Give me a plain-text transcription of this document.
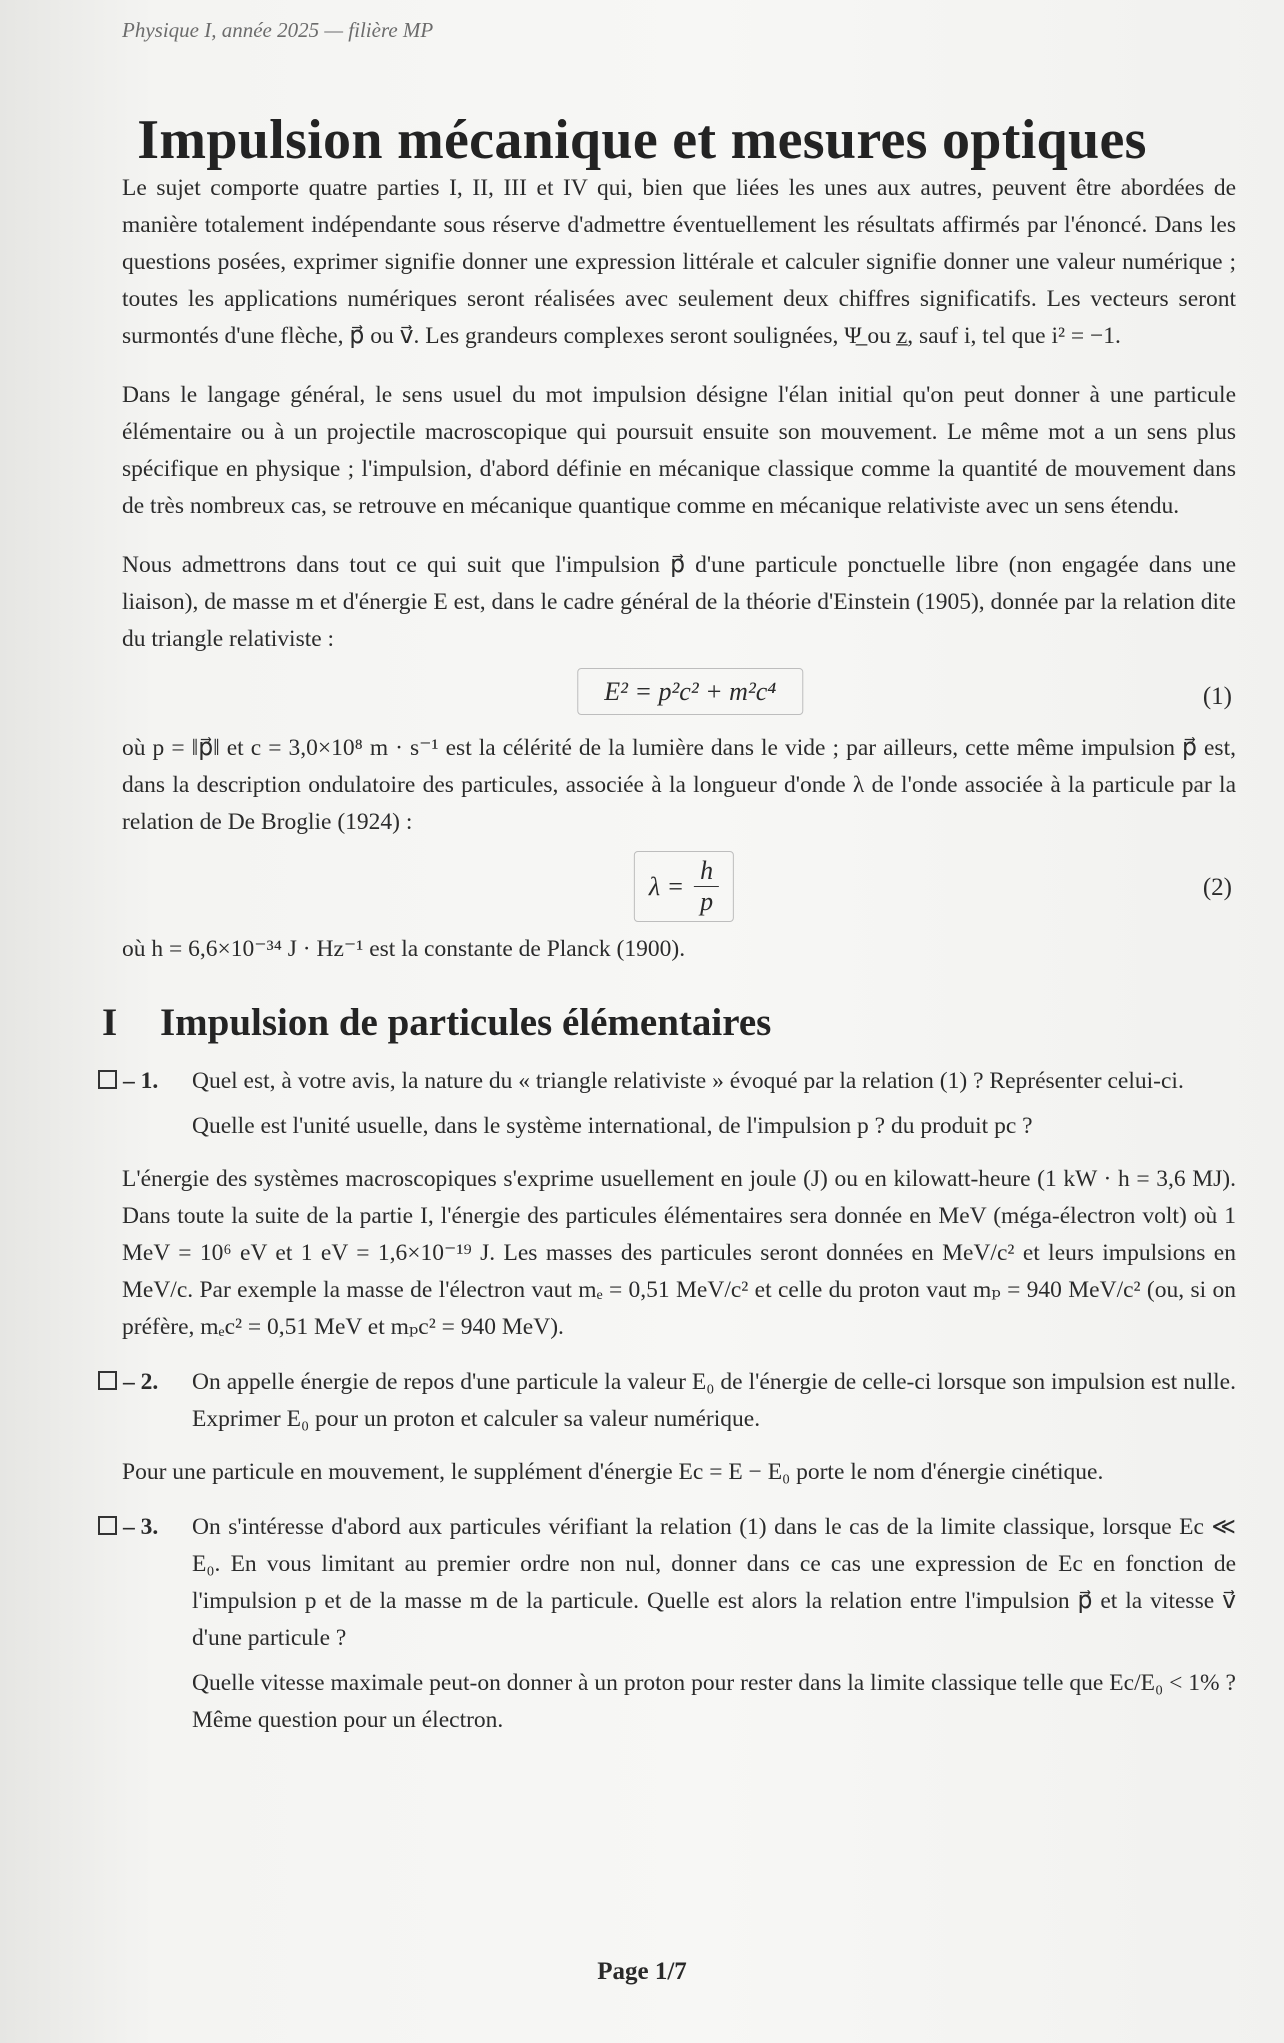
Physique I, année 2025 — filière MP
Impulsion mécanique et mesures optiques

Le sujet comporte quatre parties I, II, III et IV qui, bien que liées les unes aux autres, peuvent être abordées de manière totalement indépendante sous réserve d'admettre éventuellement les résultats affirmés par l'énoncé. Dans les questions posées, exprimer signifie donner une expression littérale et calculer signifie donner une valeur numérique ; toutes les applications numériques seront réalisées avec seulement deux chiffres significatifs. Les vecteurs seront surmontés d'une flèche, p⃗ ou v⃗. Les grandeurs complexes seront soulignées, Ψ̲ ou z̲, sauf i, tel que i² = −1.

Dans le langage général, le sens usuel du mot impulsion désigne l'élan initial qu'on peut donner à une particule élémentaire ou à un projectile macroscopique qui poursuit ensuite son mouvement. Le même mot a un sens plus spécifique en physique ; l'impulsion, d'abord définie en mécanique classique comme la quantité de mouvement dans de très nombreux cas, se retrouve en mécanique quantique comme en mécanique relativiste avec un sens étendu.

Nous admettrons dans tout ce qui suit que l'impulsion p⃗ d'une particule ponctuelle libre (non engagée dans une liaison), de masse m et d'énergie E est, dans le cadre général de la théorie d'Einstein (1905), donnée par la relation dite du triangle relativiste :

E² = p²c² + m²c⁴	(1)

où p = ‖p⃗‖ et c = 3,0×10⁸ m · s⁻¹ est la célérité de la lumière dans le vide ; par ailleurs, cette même impulsion p⃗ est, dans la description ondulatoire des particules, associée à la longueur d'onde λ de l'onde associée à la particule par la relation de De Broglie (1924) :

$\lambda = \frac{h}{p}$	(2)

où h = 6,6×10⁻³⁴ J · Hz⁻¹ est la constante de Planck (1900).

I Impulsion de particules élémentaires
– 1. Quel est, à votre avis, la nature du « triangle relativiste » évoqué par la relation (1) ? Représenter celui-ci.
Quelle est l'unité usuelle, dans le système international, de l'impulsion p ? du produit pc ?

L'énergie des systèmes macroscopiques s'exprime usuellement en joule (J) ou en kilowatt-heure (1 kW · h = 3,6 MJ). Dans toute la suite de la partie I, l'énergie des particules élémentaires sera donnée en MeV (méga-électron volt) où 1 MeV = 10⁶ eV et 1 eV = 1,6×10⁻¹⁹ J. Les masses des particules seront données en MeV/c² et leurs impulsions en MeV/c. Par exemple la masse de l'électron vaut mₑ = 0,51 MeV/c² et celle du proton vaut mₚ = 940 MeV/c² (ou, si on préfère, mₑc² = 0,51 MeV et mₚc² = 940 MeV).

– 2. On appelle énergie de repos d'une particule la valeur E₀ de l'énergie de celle-ci lorsque son impulsion est nulle. Exprimer E₀ pour un proton et calculer sa valeur numérique.

Pour une particule en mouvement, le supplément d'énergie Eс = E − E₀ porte le nom d'énergie cinétique.

– 3. On s'intéresse d'abord aux particules vérifiant la relation (1) dans le cas de la limite classique, lorsque Eс ≪ E₀. En vous limitant au premier ordre non nul, donner dans ce cas une expression de Eс en fonction de l'impulsion p et de la masse m de la particule. Quelle est alors la relation entre l'impulsion p⃗ et la vitesse v⃗ d'une particule ?
Quelle vitesse maximale peut-on donner à un proton pour rester dans la limite classique telle que Eс/E₀ < 1% ? Même question pour un électron.
Page 1/7
